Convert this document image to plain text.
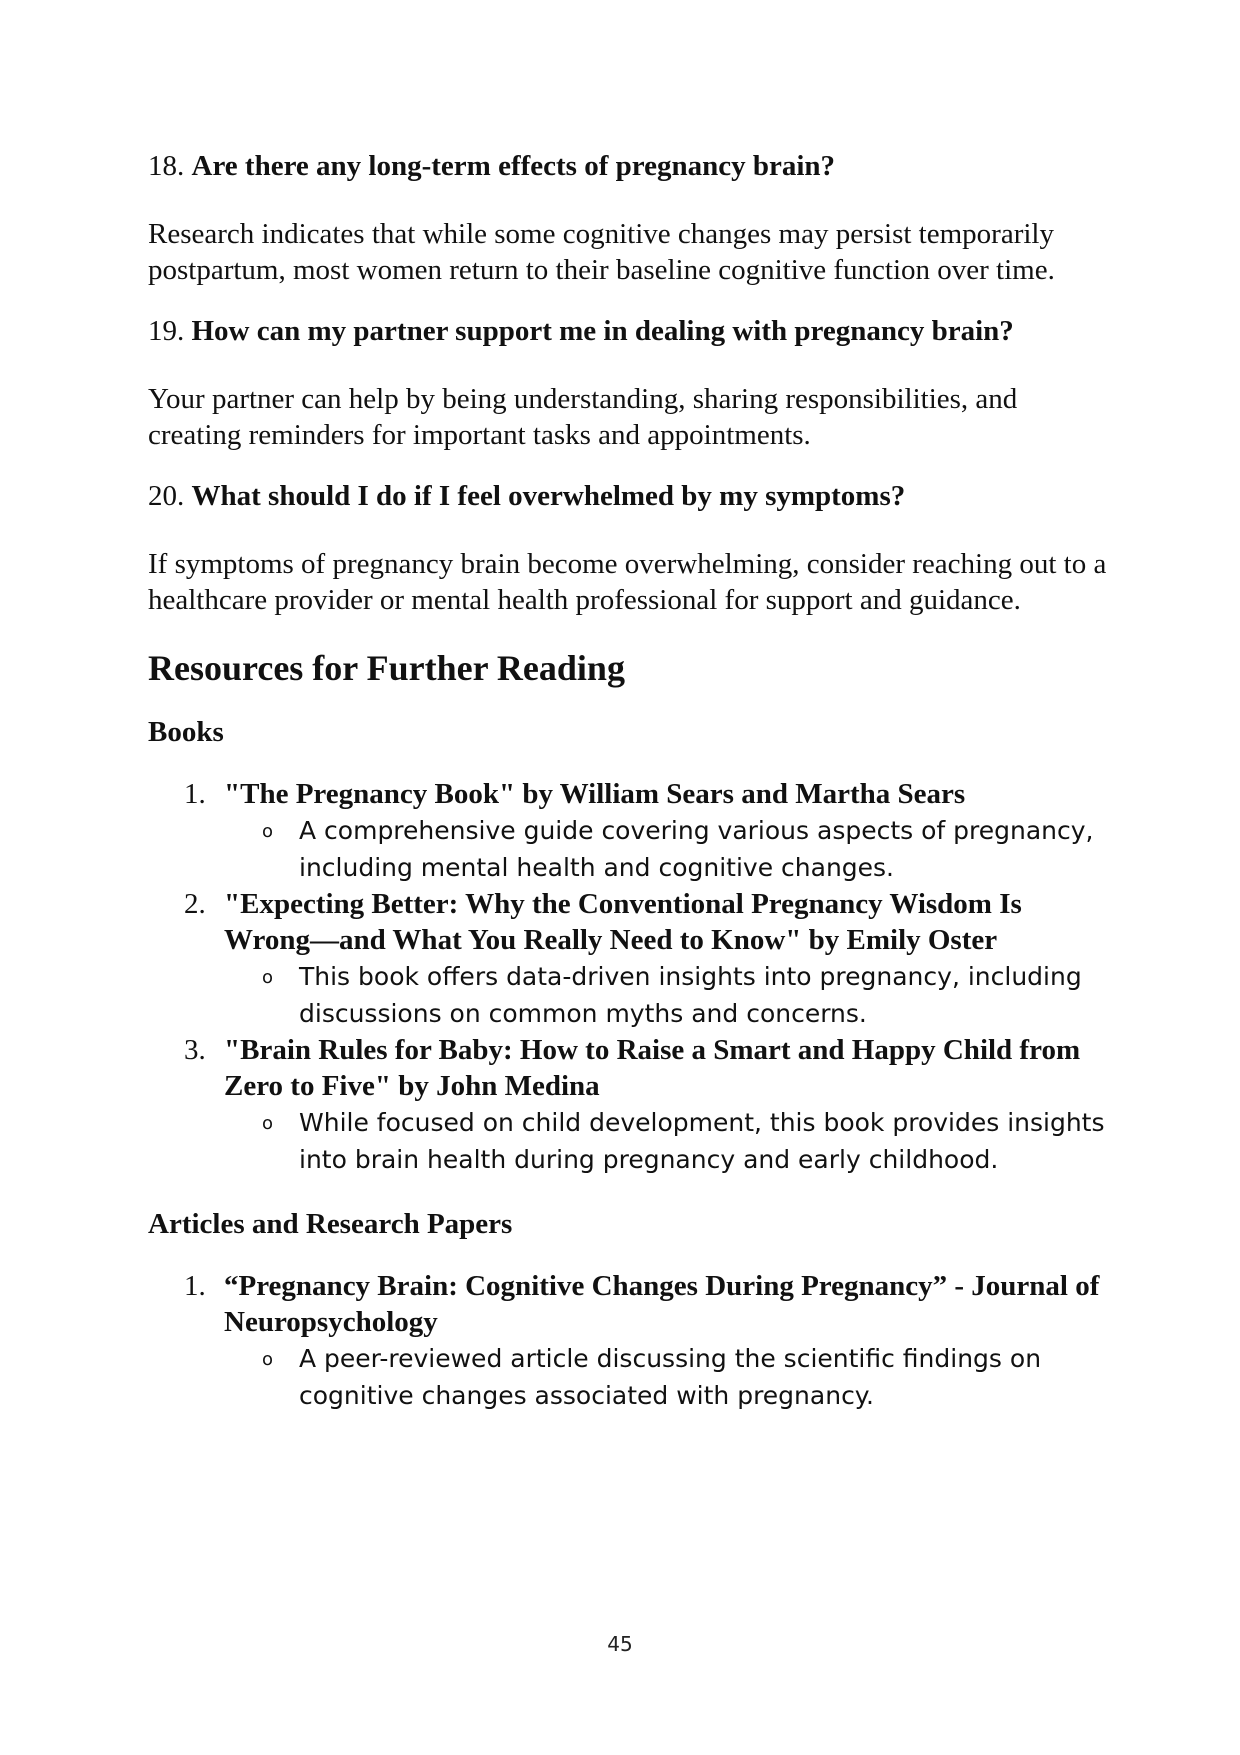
18. Are there any long-term effects of pregnancy brain?

Research indicates that while some cognitive changes may persist temporarily postpartum, most women return to their baseline cognitive function over time.

19. How can my partner support me in dealing with pregnancy brain?

Your partner can help by being understanding, sharing responsibilities, and creating reminders for important tasks and appointments.

20. What should I do if I feel overwhelmed by my symptoms?

If symptoms of pregnancy brain become overwhelming, consider reaching out to a healthcare provider or mental health professional for support and guidance.

Resources for Further Reading

Books

1. "The Pregnancy Book" by William Sears and Martha Sears

o A comprehensive guide covering various aspects of pregnancy, including mental health and cognitive changes.
2. "Expecting Better: Why the Conventional Pregnancy Wisdom Is Wrong—and What You Really Need to Know" by Emily Oster

o This book offers data-driven insights into pregnancy, including discussions on common myths and concerns.
3. "Brain Rules for Baby: How to Raise a Smart and Happy Child from Zero to Five" by John Medina

o While focused on child development, this book provides insights into brain health during pregnancy and early childhood.

Articles and Research Papers

1. “Pregnancy Brain: Cognitive Changes During Pregnancy” - Journal of Neuropsychology

o A peer-reviewed article discussing the scientific findings on cognitive changes associated with pregnancy.
45
